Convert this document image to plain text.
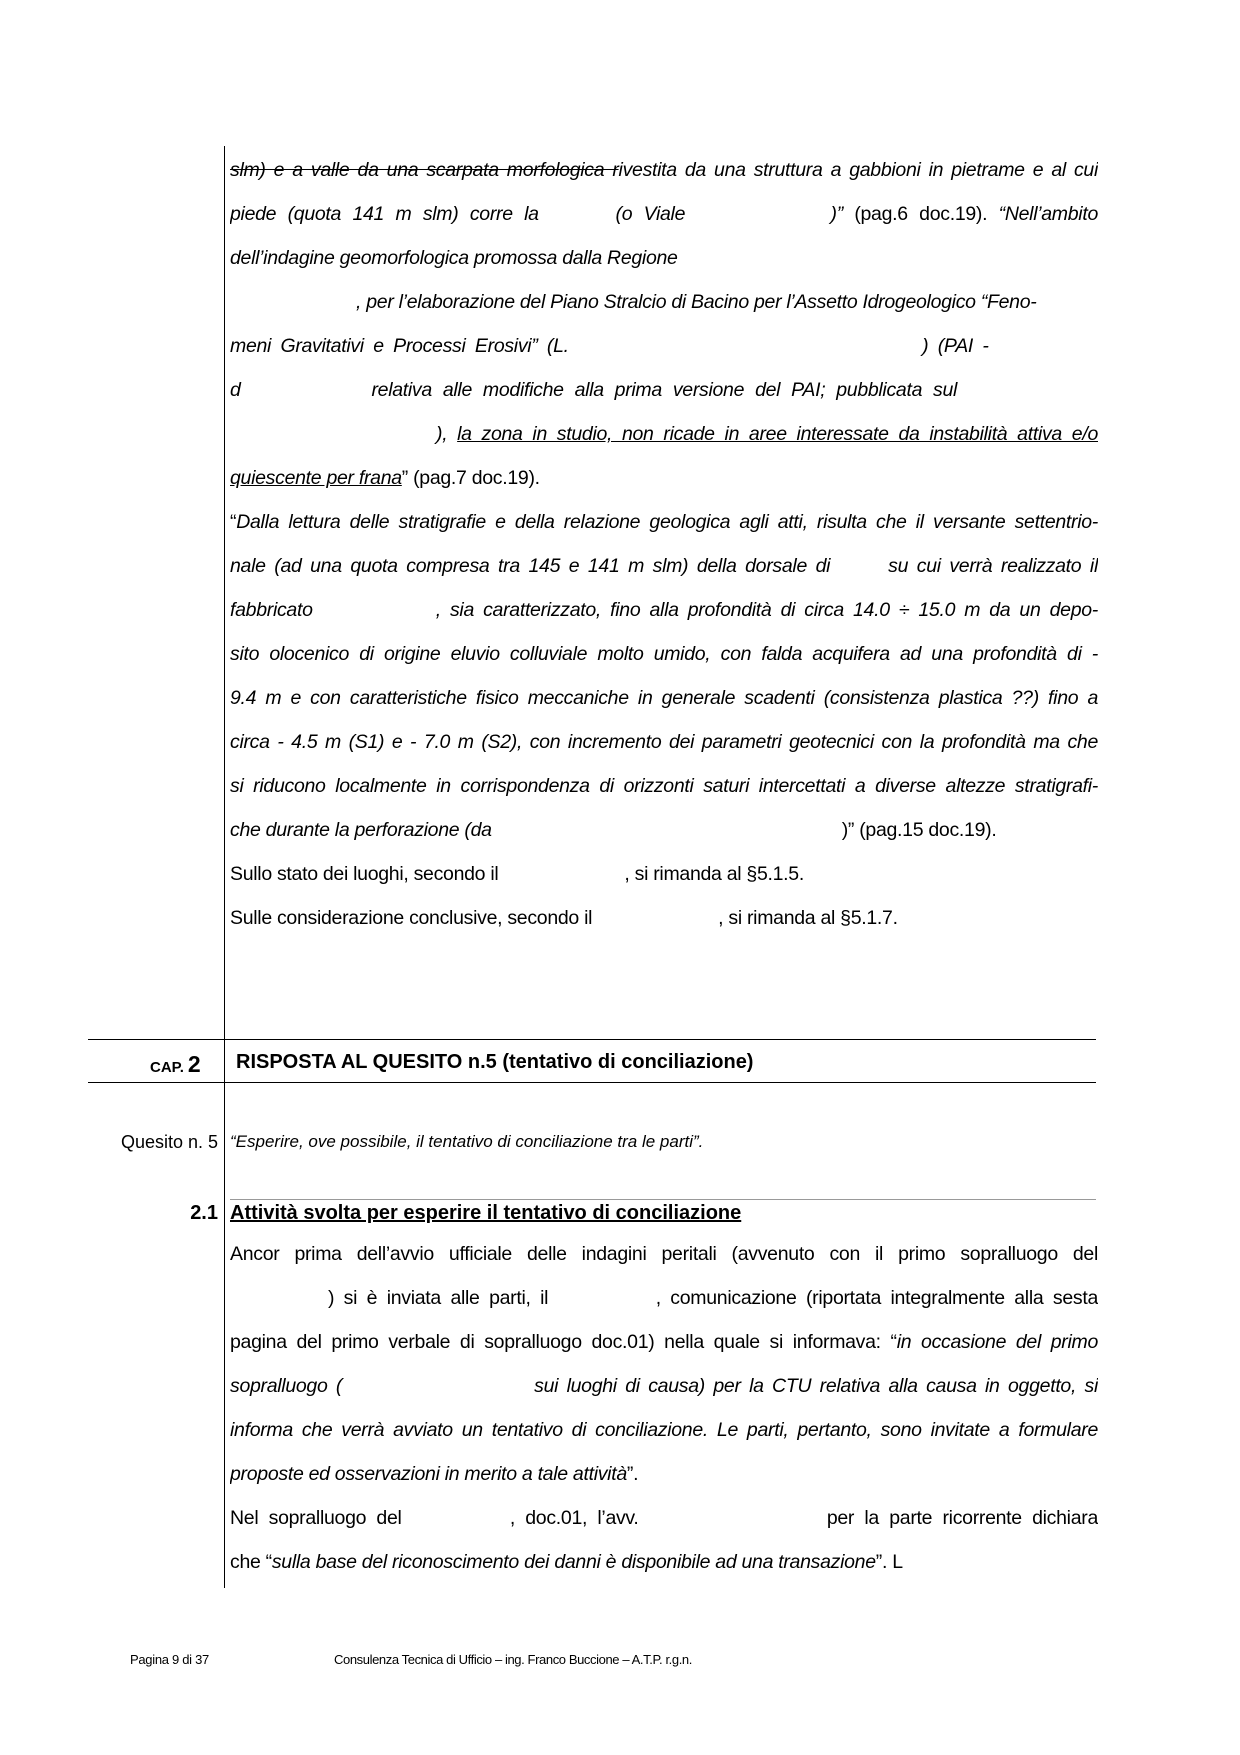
slm) e a valle da una scarpata morfologica rivestita da una struttura a gabbioni in pietrame e al cui
piede (quota 141 m slm) corre la	(o Viale	)” (pag.6 doc.19). “Nell’ambito
dell’indagine geomorfologica promossa dalla Regione
, per l’elaborazione del Piano Stralcio di Bacino per l’Assetto Idrogeologico “Feno-
meni Gravitativi e Processi Erosivi” (L.	) (PAI -
d	relativa alle modifiche alla prima versione del PAI; pubblicata sul
), la zona in studio, non ricade in aree interessate da instabilità attiva e/o
quiescente per frana” (pag.7 doc.19).
“Dalla lettura delle stratigrafie e della relazione geologica agli atti, risulta che il versante settentrio-
nale (ad una quota compresa tra 145 e 141 m slm) della dorsale di	su cui verrà realizzato il
fabbricato	, sia caratterizzato, fino alla profondità di circa 14.0 ÷ 15.0 m da un depo-
sito olocenico di origine eluvio colluviale molto umido, con falda acquifera ad una profondità di -
9.4 m e con caratteristiche fisico meccaniche in generale scadenti (consistenza plastica ??) fino a
circa - 4.5 m (S1) e - 7.0 m (S2), con incremento dei parametri geotecnici con la profondità ma che
si riducono localmente in corrispondenza di orizzonti saturi intercettati a diverse altezze stratigrafi-
che durante la perforazione (da	)” (pag.15 doc.19).
Sullo stato dei luoghi, secondo il	, si rimanda al §5.1.5.
Sulle considerazione conclusive, secondo il	, si rimanda al §5.1.7.
CAP. 2 RISPOSTA AL QUESITO n.5 (tentativo di conciliazione)
Quesito n. 5 “Esperire, ove possibile, il tentativo di conciliazione tra le parti”.
2.1 Attività svolta per esperire il tentativo di conciliazione
Ancor prima dell’avvio ufficiale delle indagini peritali (avvenuto con il primo sopralluogo del
) si è inviata alle parti, il	, comunicazione (riportata integralmente alla sesta
pagina del primo verbale di sopralluogo doc.01) nella quale si informava: “in occasione del primo
sopralluogo (	sui luoghi di causa) per la CTU relativa alla causa in oggetto, si
informa che verrà avviato un tentativo di conciliazione. Le parti, pertanto, sono invitate a formulare
proposte ed osservazioni in merito a tale attività”.
Nel sopralluogo del	, doc.01, l’avv.	per la parte ricorrente dichiara
che “sulla base del riconoscimento dei danni è disponibile ad una transazione”. L
Pagina 9 di 37	Consulenza Tecnica di Ufficio – ing. Franco Buccione – A.T.P. r.g.n.
